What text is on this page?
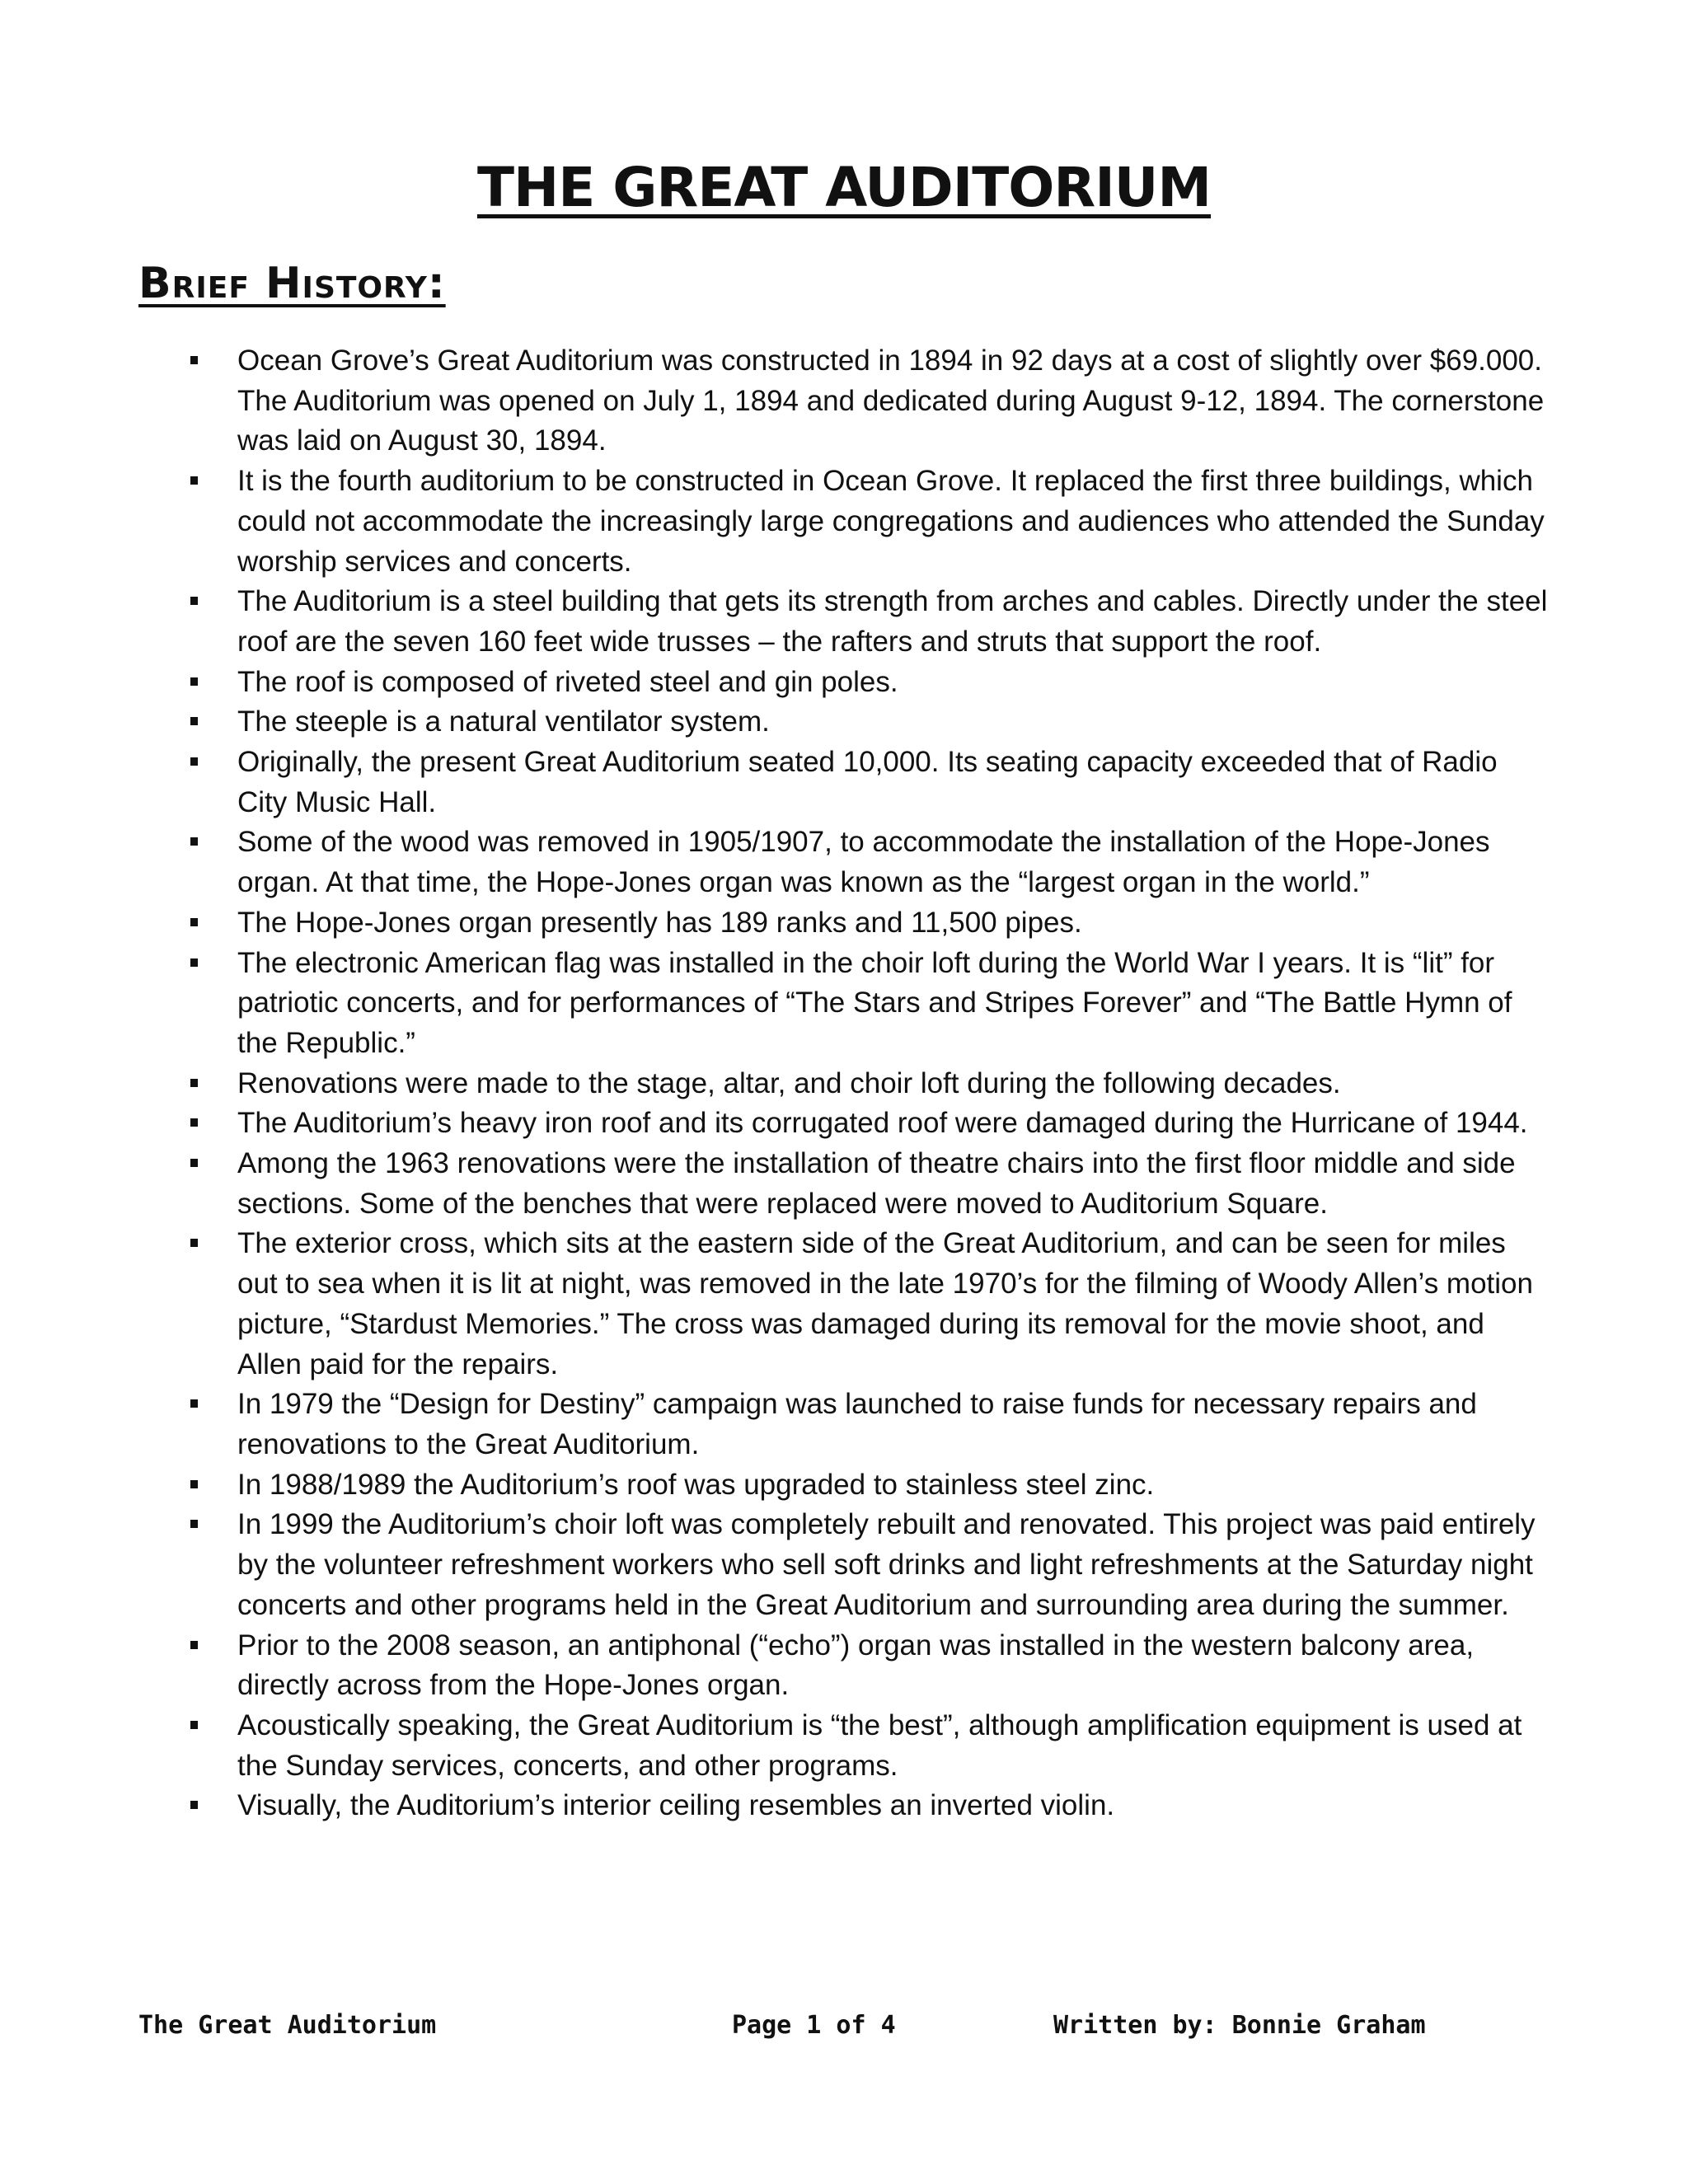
THE GREAT AUDITORIUM
Brief History:
Ocean Grove’s Great Auditorium was constructed in 1894 in 92 days at a cost of slightly over $69.000. The Auditorium was opened on July 1, 1894 and dedicated during August 9-12, 1894. The cornerstone was laid on August 30, 1894.
It is the fourth auditorium to be constructed in Ocean Grove. It replaced the first three buildings, which could not accommodate the increasingly large congregations and audiences who attended the Sunday worship services and concerts.
The Auditorium is a steel building that gets its strength from arches and cables. Directly under the steel roof are the seven 160 feet wide trusses – the rafters and struts that support the roof.
The roof is composed of riveted steel and gin poles.
The steeple is a natural ventilator system.
Originally, the present Great Auditorium seated 10,000. Its seating capacity exceeded that of Radio City Music Hall.
Some of the wood was removed in 1905/1907, to accommodate the installation of the Hope-Jones organ. At that time, the Hope-Jones organ was known as the “largest organ in the world.”
The Hope-Jones organ presently has 189 ranks and 11,500 pipes.
The electronic American flag was installed in the choir loft during the World War I years. It is “lit” for patriotic concerts, and for performances of “The Stars and Stripes Forever” and “The Battle Hymn of the Republic.”
Renovations were made to the stage, altar, and choir loft during the following decades.
The Auditorium’s heavy iron roof and its corrugated roof were damaged during the Hurricane of 1944.
Among the 1963 renovations were the installation of theatre chairs into the first floor middle and side sections. Some of the benches that were replaced were moved to Auditorium Square.
The exterior cross, which sits at the eastern side of the Great Auditorium, and can be seen for miles out to sea when it is lit at night, was removed in the late 1970’s for the filming of Woody Allen’s motion picture, “Stardust Memories.” The cross was damaged during its removal for the movie shoot, and Allen paid for the repairs.
In 1979 the “Design for Destiny” campaign was launched to raise funds for necessary repairs and renovations to the Great Auditorium.
In 1988/1989 the Auditorium’s roof was upgraded to stainless steel zinc.
In 1999 the Auditorium’s choir loft was completely rebuilt and renovated. This project was paid entirely by the volunteer refreshment workers who sell soft drinks and light refreshments at the Saturday night concerts and other programs held in the Great Auditorium and surrounding area during the summer.
Prior to the 2008 season, an antiphonal (“echo”) organ was installed in the western balcony area, directly across from the Hope-Jones organ.
Acoustically speaking, the Great Auditorium is “the best”, although amplification equipment is used at the Sunday services, concerts, and other programs.
Visually, the Auditorium’s interior ceiling resembles an inverted violin.
The Great Auditorium	Page 1 of 4	Written by: Bonnie Graham
